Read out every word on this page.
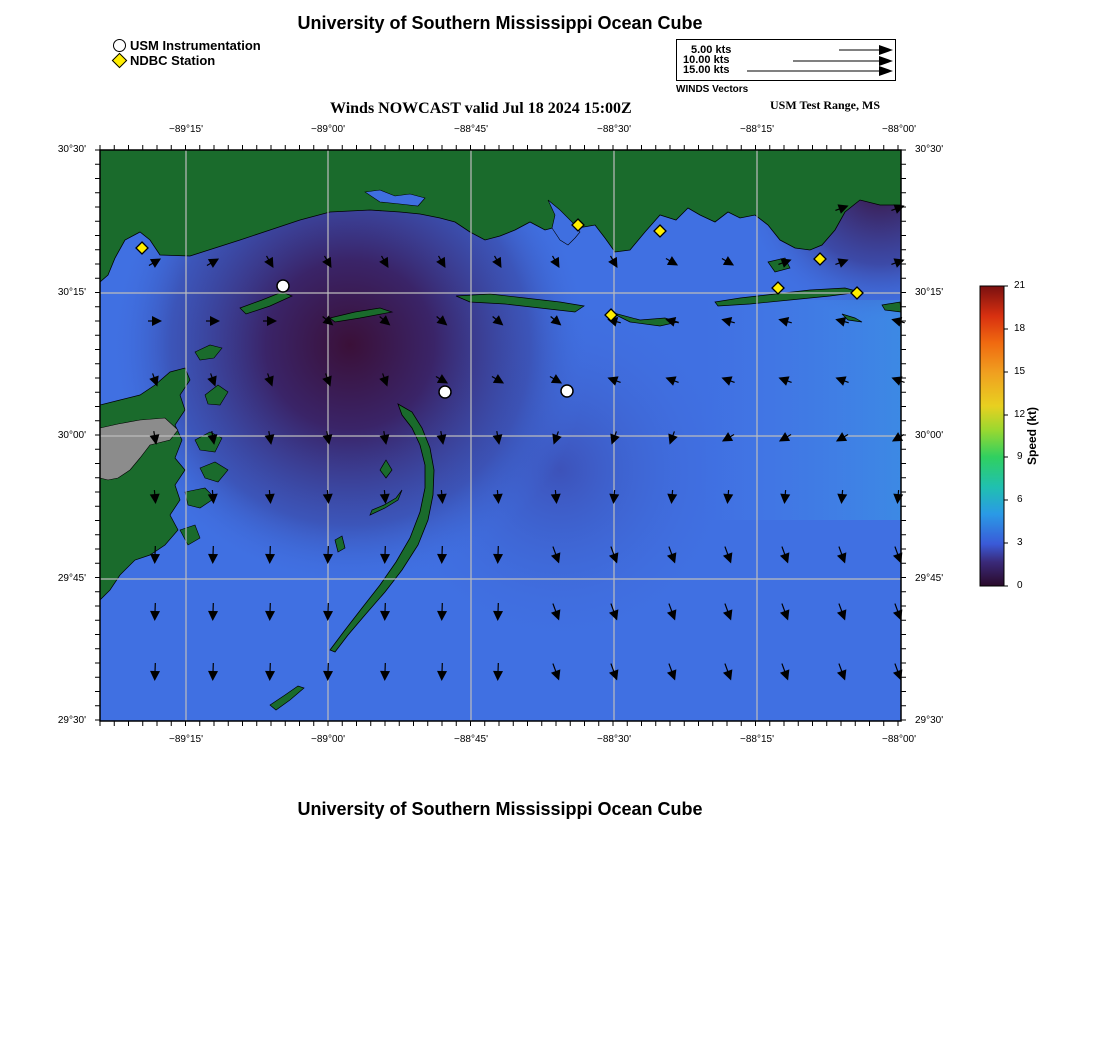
University of Southern Mississippi Ocean Cube
USM Instrumentation
NDBC Station
5.00 kts
10.00 kts
15.00 kts
WINDS Vectors
Winds NOWCAST valid Jul 18 2024 15:00Z	USM Test Range, MS
−89°15'	−89°00'	−88°45'	−88°30'	−88°15'	−88°00'
−89°15'	−89°00'	−88°45'	−88°30'	−88°15'	−88°00'
30°30'
30°15'
30°00'
29°45'
29°30'
30°30'
30°15'
30°00'
29°45'
29°30'
21
18
15
12
9
6
3
0
Speed (kt)
University of Southern Mississippi Ocean Cube
